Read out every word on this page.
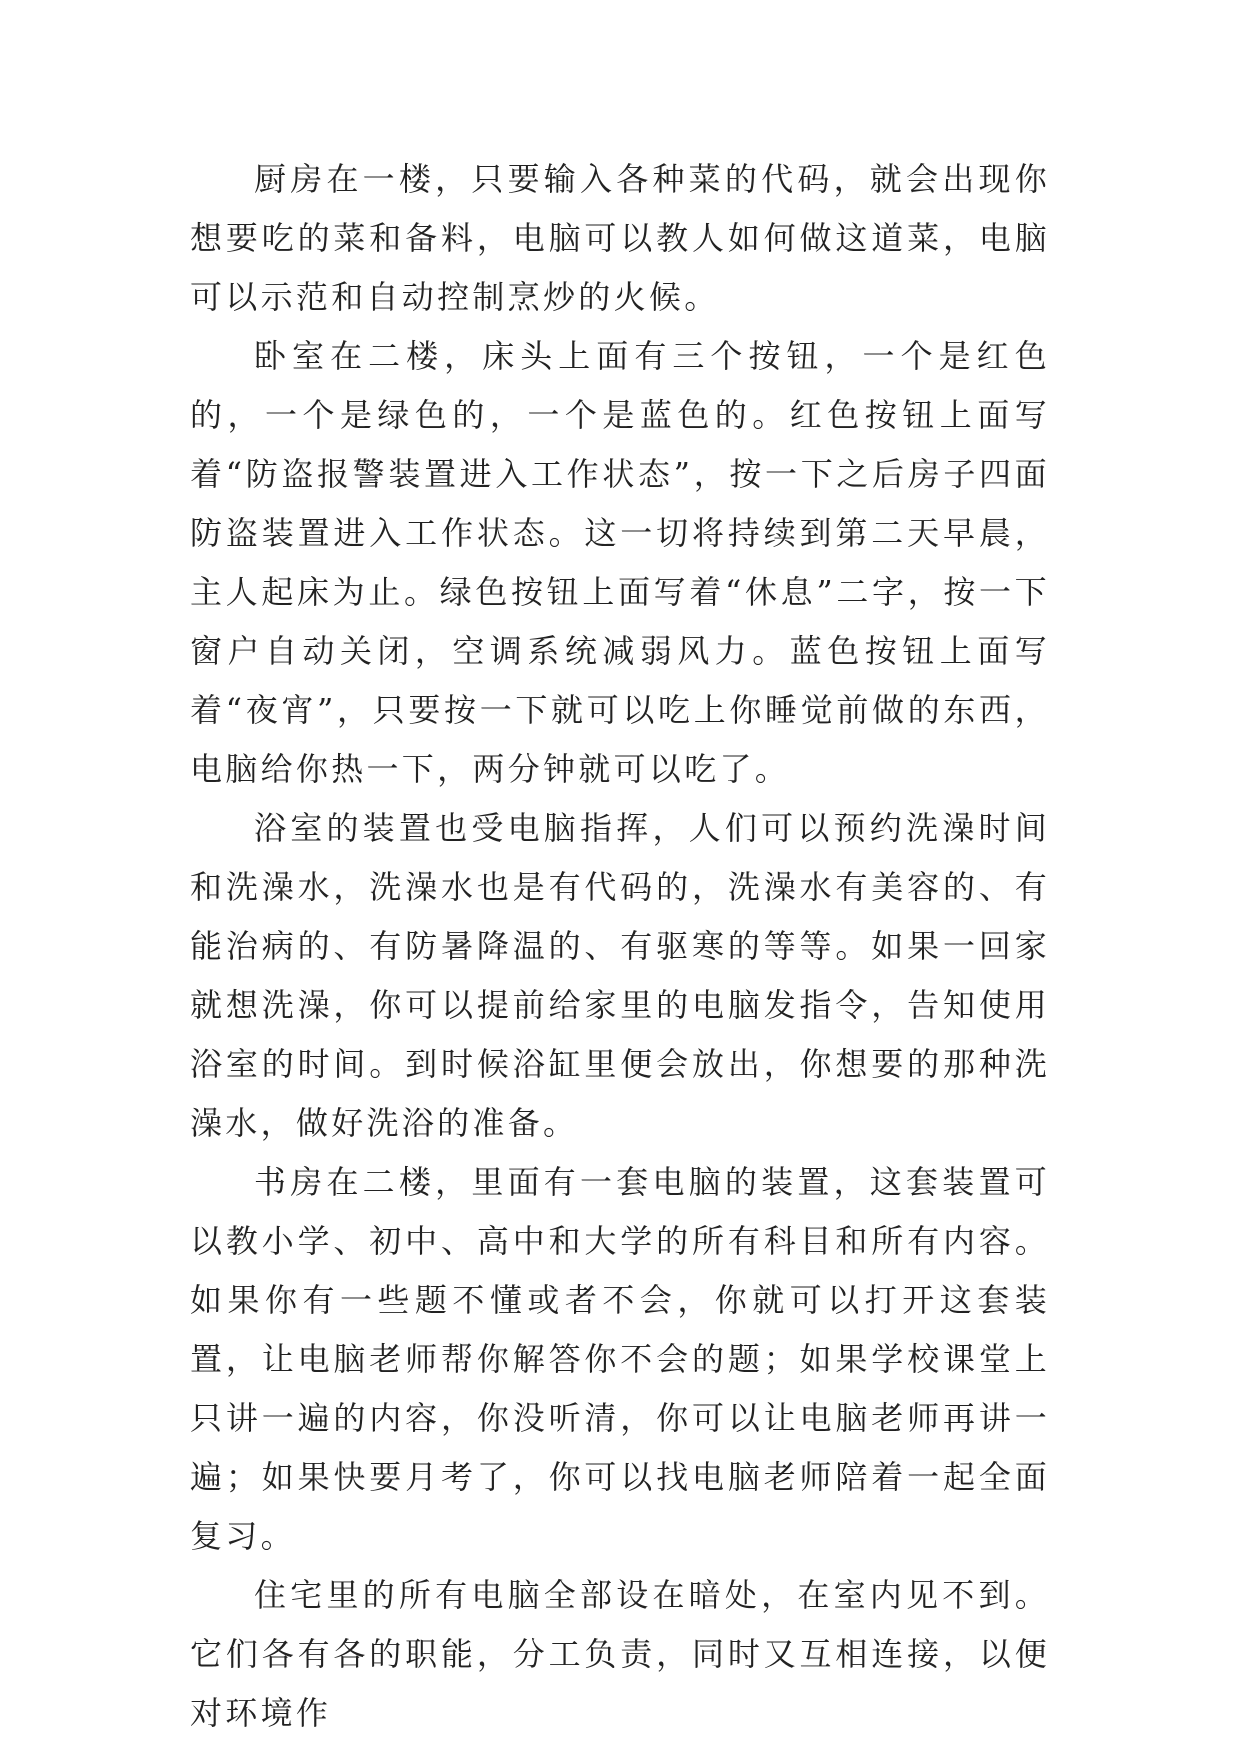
厨房在一楼，只要输入各种菜的代码，就会出现你想要吃的菜和备料，电脑可以教人如何做这道菜，电脑可以示范和自动控制烹炒的火候。

卧室在二楼，床头上面有三个按钮，一个是红色的，一个是绿色的，一个是蓝色的。红色按钮上面写着“防盗报警装置进入工作状态”，按一下之后房子四面防盗装置进入工作状态。这一切将持续到第二天早晨，主人起床为止。绿色按钮上面写着“休息”二字，按一下窗户自动关闭，空调系统减弱风力。蓝色按钮上面写着“夜宵”，只要按一下就可以吃上你睡觉前做的东西，电脑给你热一下，两分钟就可以吃了。

浴室的装置也受电脑指挥，人们可以预约洗澡时间和洗澡水，洗澡水也是有代码的，洗澡水有美容的、有能治病的、有防暑降温的、有驱寒的等等。如果一回家就想洗澡，你可以提前给家里的电脑发指令，告知使用浴室的时间。到时候浴缸里便会放出，你想要的那种洗澡水，做好洗浴的准备。

书房在二楼，里面有一套电脑的装置，这套装置可以教小学、初中、高中和大学的所有科目和所有内容。如果你有一些题不懂或者不会，你就可以打开这套装置，让电脑老师帮你解答你不会的题；如果学校课堂上只讲一遍的内容，你没听清，你可以让电脑老师再讲一遍；如果快要月考了，你可以找电脑老师陪着一起全面复习。

住宅里的所有电脑全部设在暗处，在室内见不到。它们各有各的职能，分工负责，同时又互相连接，以便对环境作
